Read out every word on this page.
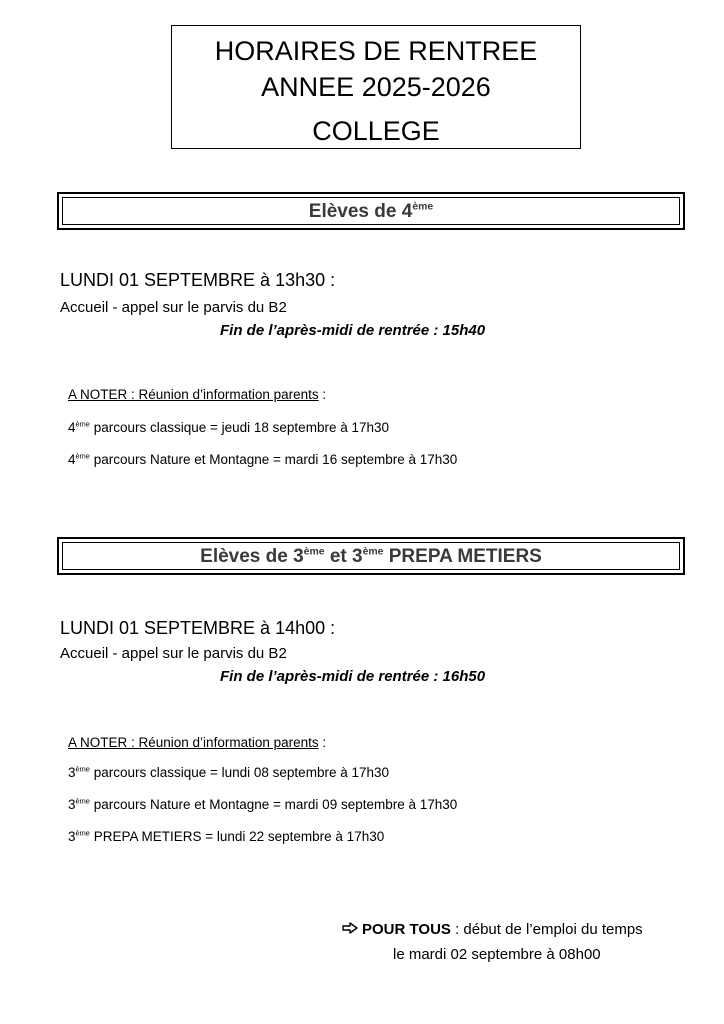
HORAIRES DE RENTREE
ANNEE 2025-2026
COLLEGE
Elèves de 4ème
LUNDI 01 SEPTEMBRE à 13h30 :
Accueil - appel sur le parvis du B2
Fin de l’après-midi de rentrée : 15h40
A NOTER : Réunion d’information parents :
4ème parcours classique = jeudi 18 septembre à 17h30
4ème parcours Nature et Montagne = mardi 16 septembre à 17h30
Elèves de 3ème et 3ème PREPA METIERS
LUNDI 01 SEPTEMBRE à 14h00 :
Accueil - appel sur le parvis du B2
Fin de l’après-midi de rentrée : 16h50
A NOTER : Réunion d’information parents :
3ème parcours classique = lundi 08 septembre à 17h30
3ème parcours Nature et Montagne = mardi 09 septembre à 17h30
3ème PREPA METIERS = lundi 22 septembre à 17h30
POUR TOUS : début de l’emploi du temps
le mardi 02 septembre à 08h00
